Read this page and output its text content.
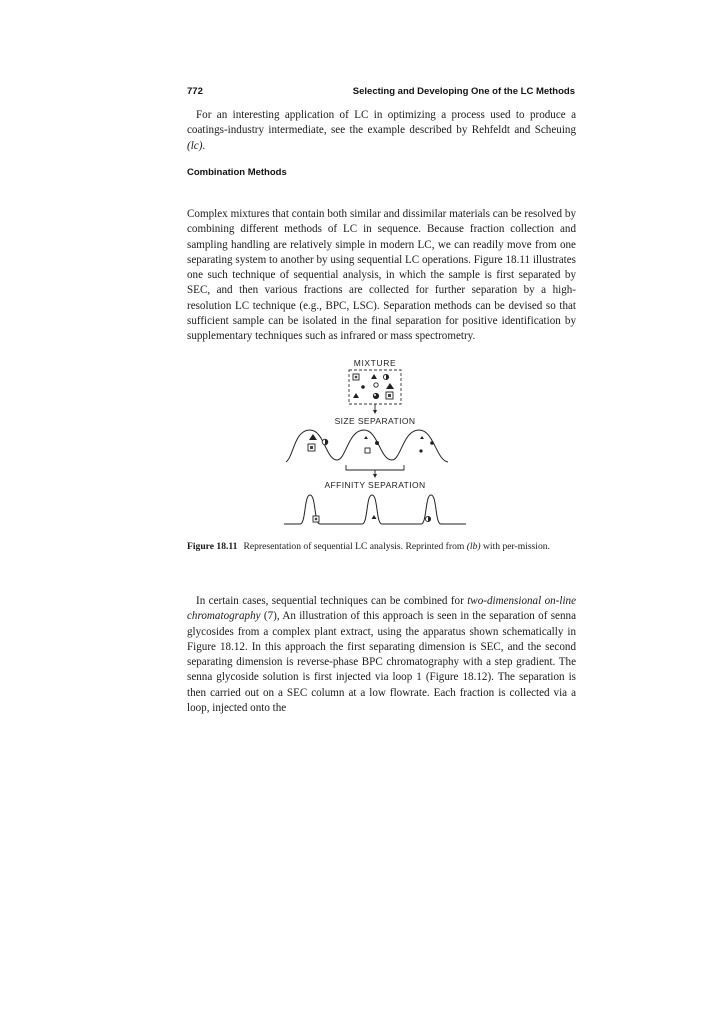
772	Selecting and Developing One of the LC Methods

For an interesting application of LC in optimizing a process used to produce a coatings-industry intermediate, see the example described by Rehfeldt and Scheuing (lc).

Combination Methods

Complex mixtures that contain both similar and dissimilar materials can be resolved by combining different methods of LC in sequence. Because fraction collection and sampling handling are relatively simple in modern LC, we can readily move from one separating system to another by using sequential LC operations. Figure 18.11 illustrates one such technique of sequential analysis, in which the sample is first separated by SEC, and then various fractions are collected for further separation by a high-resolution LC technique (e.g., BPC, LSC). Separation methods can be devised so that sufficient sample can be isolated in the final separation for positive identification by supplementary techniques such as infrared or mass spectrometry.

MIXTURE
SIZE SEPARATION
AFFINITY SEPARATION

Figure 18.11 Representation of sequential LC analysis. Reprinted from (lb) with per-mission.

In certain cases, sequential techniques can be combined for two-dimensional on-line chromatography (7), An illustration of this approach is seen in the separation of senna glycosides from a complex plant extract, using the apparatus shown schematically in Figure 18.12. In this approach the first separating dimension is SEC, and the second separating dimension is reverse-phase BPC chromatography with a step gradient. The senna glycoside solution is first injected via loop 1 (Figure 18.12). The separation is then carried out on a SEC column at a low flowrate. Each fraction is collected via a loop, injected onto the
